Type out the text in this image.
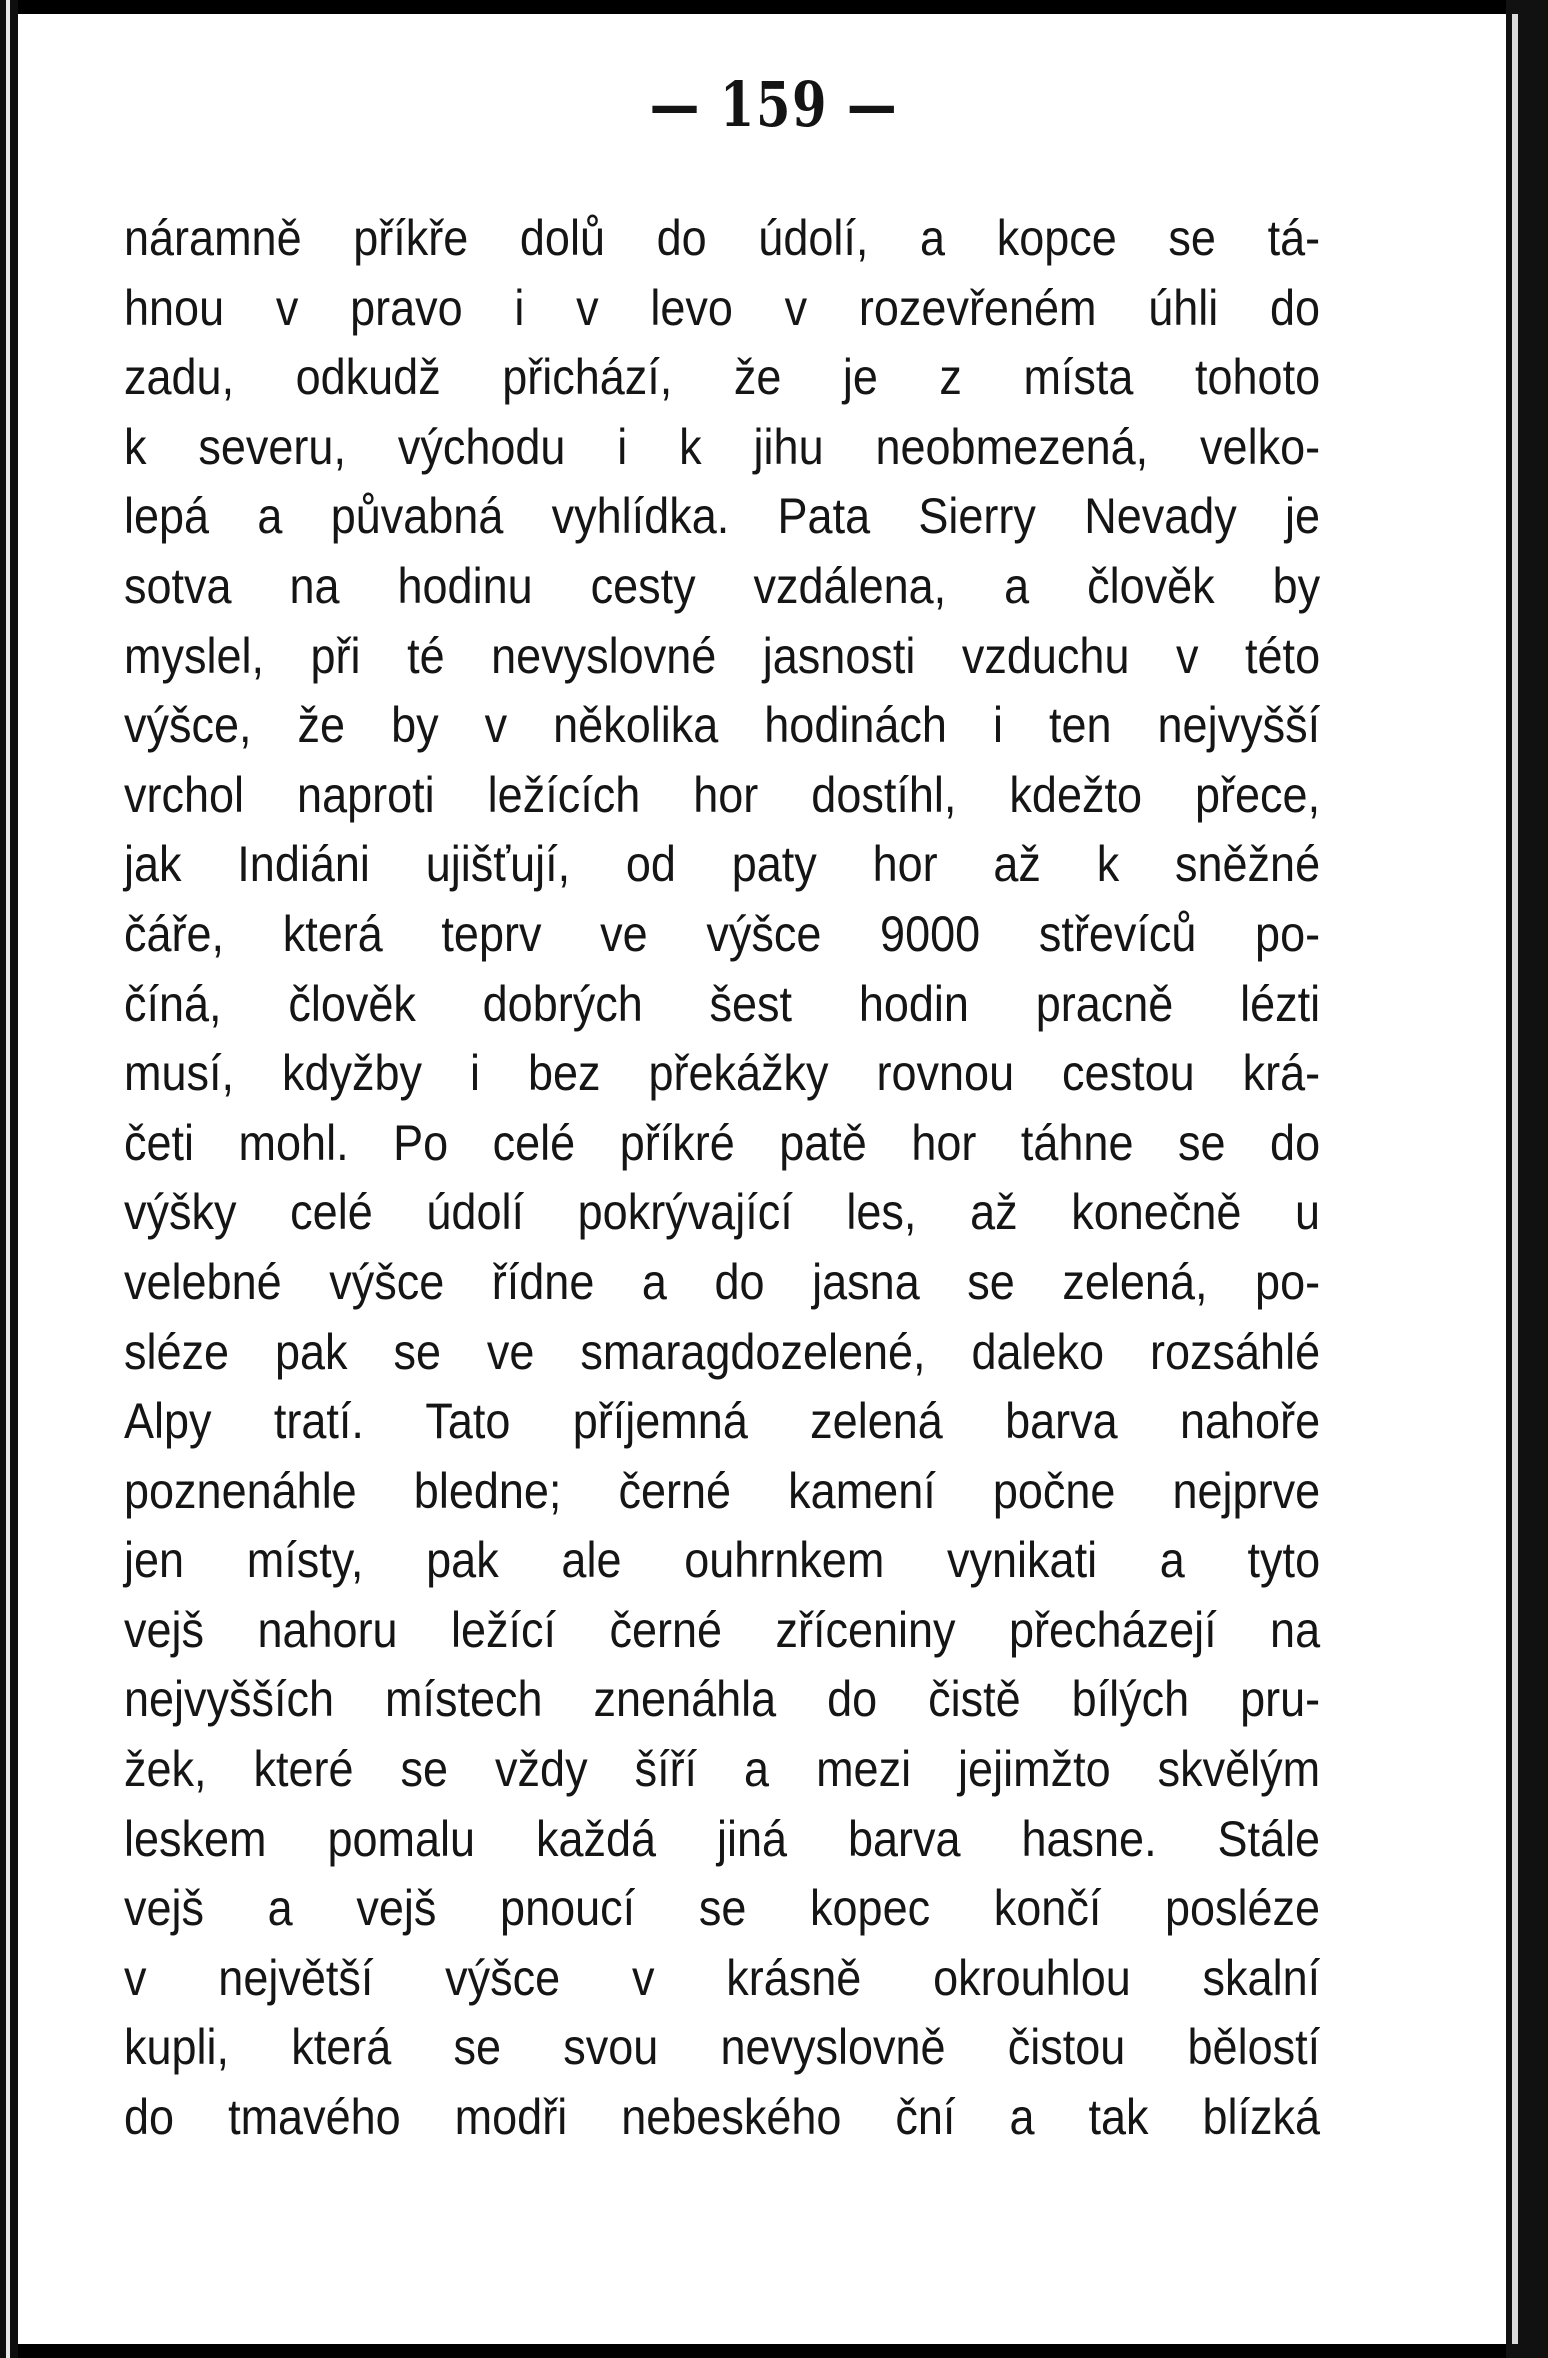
— 159 —
náramně příkře dolů do údolí, a kopce se tá-
hnou v pravo i v levo v rozevřeném úhli do
zadu, odkudž přichází, že je z místa tohoto
k severu, východu i k jihu neobmezená, velko-
lepá a půvabná vyhlídka. Pata Sierry Nevady je
sotva na hodinu cesty vzdálena, a člověk by
myslel, při té nevyslovné jasnosti vzduchu v této
výšce, že by v několika hodinách i ten nejvyšší
vrchol naproti ležících hor dostíhl, kdežto přece,
jak Indiáni ujišťují, od paty hor až k sněžné
čáře, která teprv ve výšce 9000 střevíců po-
číná, člověk dobrých šest hodin pracně lézti
musí, kdyžby i bez překážky rovnou cestou krá-
četi mohl. Po celé příkré patě hor táhne se do
výšky celé údolí pokrývající les, až konečně u
velebné výšce řídne a do jasna se zelená, po-
sléze pak se ve smaragdozelené, daleko rozsáhlé
Alpy tratí. Tato příjemná zelená barva nahoře
poznenáhle bledne; černé kamení počne nejprve
jen místy, pak ale ouhrnkem vynikati a tyto
vejš nahoru ležící černé zříceniny přecházejí na
nejvyšších místech znenáhla do čistě bílých pru-
žek, které se vždy šíří a mezi jejimžto skvělým
leskem pomalu každá jiná barva hasne. Stále
vejš a vejš pnoucí se kopec končí posléze
v největší výšce v krásně okrouhlou skalní
kupli, která se svou nevyslovně čistou bělostí
do tmavého modři nebeského ční a tak blízká
